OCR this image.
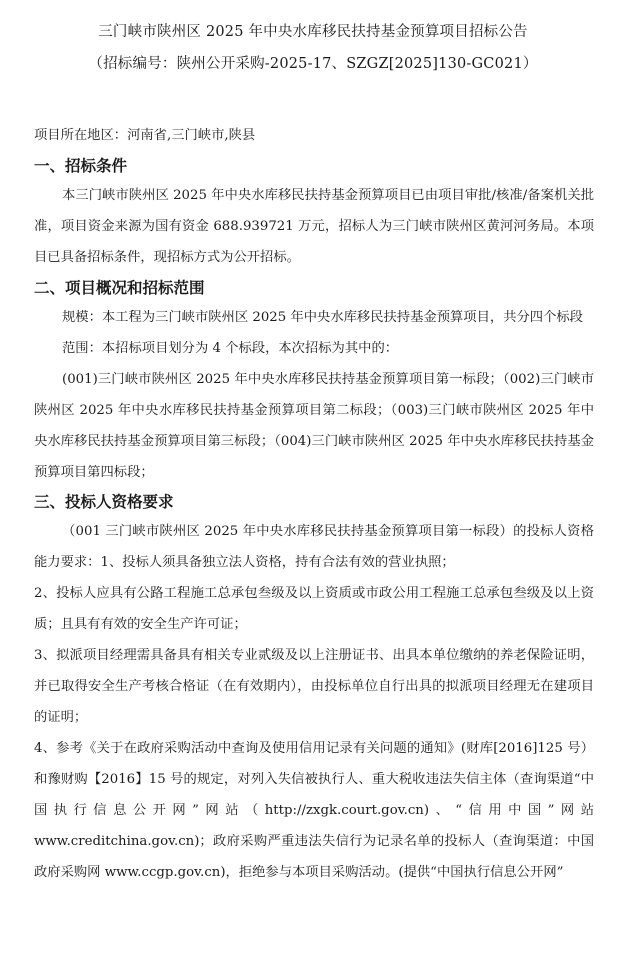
三门峡市陕州区 2025 年中央水库移民扶持基金预算项目招标公告
（招标编号：陕州公开采购-2025-17、SZGZ[2025]130-GC021）
项目所在地区：河南省,三门峡市,陕县
一、招标条件

本三门峡市陕州区 2025 年中央水库移民扶持基金预算项目已由项目审批/核准/备案机关批准，项目资金来源为国有资金 688.939721 万元，招标人为三门峡市陕州区黄河河务局。本项目已具备招标条件，现招标方式为公开招标。

二、项目概况和招标范围

规模：本工程为三门峡市陕州区 2025 年中央水库移民扶持基金预算项目，共分四个标段

范围：本招标项目划分为 4 个标段，本次招标为其中的：

(001)三门峡市陕州区 2025 年中央水库移民扶持基金预算项目第一标段；（002)三门峡市陕州区 2025 年中央水库移民扶持基金预算项目第二标段；（003)三门峡市陕州区 2025 年中央水库移民扶持基金预算项目第三标段；（004)三门峡市陕州区 2025 年中央水库移民扶持基金预算项目第四标段；

三、投标人资格要求

（001 三门峡市陕州区 2025 年中央水库移民扶持基金预算项目第一标段）的投标人资格能力要求：1、投标人须具备独立法人资格，持有合法有效的营业执照；

2、投标人应具有公路工程施工总承包叁级及以上资质或市政公用工程施工总承包叁级及以上资质；且具有有效的安全生产许可证；

3、拟派项目经理需具备具有相关专业贰级及以上注册证书、出具本单位缴纳的养老保险证明，并已取得安全生产考核合格证（在有效期内），由投标单位自行出具的拟派项目经理无在建项目的证明；

4、参考《关于在政府采购活动中查询及使用信用记录有关问题的通知》(财库[2016]125 号）和豫财购【2016】15 号的规定，对列入失信被执行人、重大税收违法失信主体（查询渠道“中国执行信息公开网”网站（http://zxgk.court.gov.cn)、“信用中国”网站 www.creditchina.gov.cn)；政府采购严重违法失信行为记录名单的投标人（查询渠道：中国政府采购网 www.ccgp.gov.cn)，拒绝参与本项目采购活动。(提供“中国执行信息公开网”
